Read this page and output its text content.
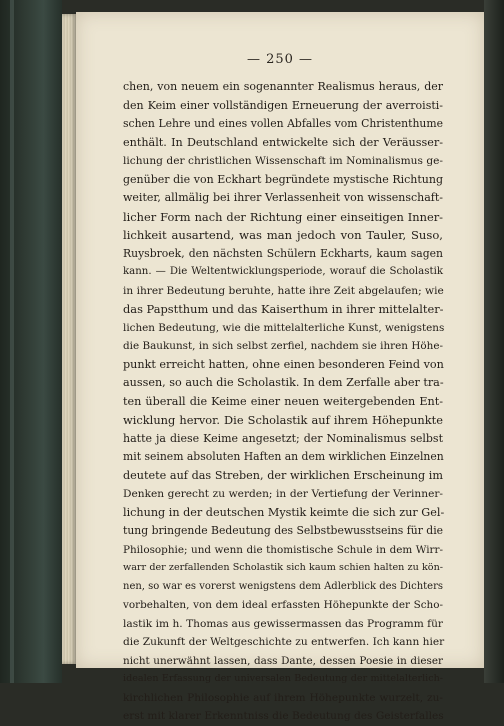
— 250 —
chen, von neuem ein sogenannter Realismus heraus, der
den Keim einer vollständigen Erneuerung der averroisti-
schen Lehre und eines vollen Abfalles vom Christenthume
enthält. In Deutschland entwickelte sich der Veräusser-
lichung der christlichen Wissenschaft im Nominalismus ge-
genüber die von Eckhart begründete mystische Richtung
weiter, allmälig bei ihrer Verlassenheit von wissenschaft-
licher Form nach der Richtung einer einseitigen Inner-
lichkeit ausartend, was man jedoch von Tauler, Suso,
Ruysbroek, den nächsten Schülern Eckharts, kaum sagen
kann. — Die Weltentwicklungsperiode, worauf die Scholastik
in ihrer Bedeutung beruhte, hatte ihre Zeit abgelaufen; wie
das Papstthum und das Kaiserthum in ihrer mittelalter-
lichen Bedeutung, wie die mittelalterliche Kunst, wenigstens
die Baukunst, in sich selbst zerfiel, nachdem sie ihren Höhe-
punkt erreicht hatten, ohne einen besonderen Feind von
aussen, so auch die Scholastik. In dem Zerfalle aber tra-
ten überall die Keime einer neuen weitergebenden Ent-
wicklung hervor. Die Scholastik auf ihrem Höhepunkte
hatte ja diese Keime angesetzt; der Nominalismus selbst
mit seinem absoluten Haften an dem wirklichen Einzelnen
deutete auf das Streben, der wirklichen Erscheinung im
Denken gerecht zu werden; in der Vertiefung der Verinner-
lichung in der deutschen Mystik keimte die sich zur Gel-
tung bringende Bedeutung des Selbstbewusstseins für die
Philosophie; und wenn die thomistische Schule in dem Wirr-
warr der zerfallenden Scholastik sich kaum schien halten zu kön-
nen, so war es vorerst wenigstens dem Adlerblick des Dichters
vorbehalten, von dem ideal erfassten Höhepunkte der Scho-
lastik im h. Thomas aus gewissermassen das Programm für
die Zukunft der Weltgeschichte zu entwerfen. Ich kann hier
nicht unerwähnt lassen, dass Dante, dessen Poesie in dieser
idealen Erfassung der universalen Bedeutung der mittelalterlich-
kirchlichen Philosophie auf ihrem Höhepunkte wurzelt, zu-
erst mit klarer Erkenntniss die Bedeutung des Geisterfalles
